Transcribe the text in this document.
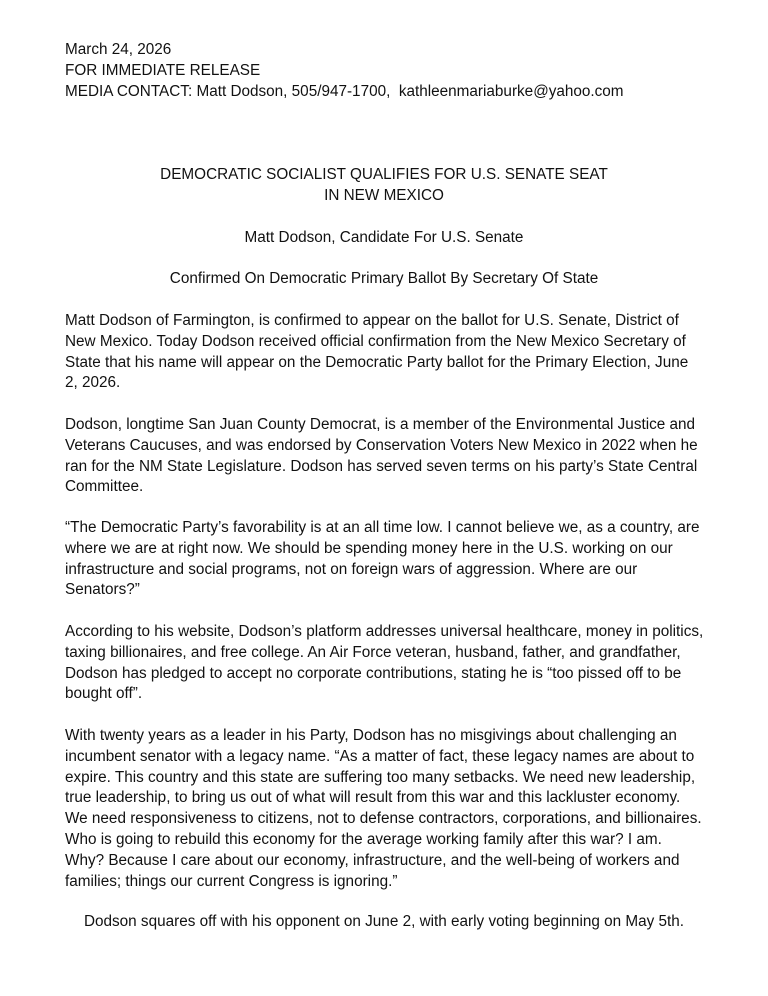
March 24, 2026
FOR IMMEDIATE RELEASE
MEDIA CONTACT: Matt Dodson, 505/947-1700,  kathleenmariaburke@yahoo.com
DEMOCRATIC SOCIALIST QUALIFIES FOR U.S. SENATE SEAT
IN NEW MEXICO
Matt Dodson, Candidate For U.S. Senate
Confirmed On Democratic Primary Ballot By Secretary Of State

Matt Dodson of Farmington, is confirmed to appear on the ballot for U.S. Senate, District of New Mexico. Today Dodson received official confirmation from the New Mexico Secretary of State that his name will appear on the Democratic Party ballot for the Primary Election, June 2, 2026.

Dodson, longtime San Juan County Democrat, is a member of the Environmental Justice and Veterans Caucuses, and was endorsed by Conservation Voters New Mexico in 2022 when he ran for the NM State Legislature. Dodson has served seven terms on his party’s State Central Committee.

“The Democratic Party’s favorability is at an all time low. I cannot believe we, as a country, are where we are at right now. We should be spending money here in the U.S. working on our infrastructure and social programs, not on foreign wars of aggression. Where are our Senators?”

According to his website, Dodson’s platform addresses universal healthcare, money in politics, taxing billionaires, and free college. An Air Force veteran, husband, father, and grandfather, Dodson has pledged to accept no corporate contributions, stating he is “too pissed off to be bought off”.

With twenty years as a leader in his Party, Dodson has no misgivings about challenging an incumbent senator with a legacy name. “As a matter of fact, these legacy names are about to expire. This country and this state are suffering too many setbacks. We need new leadership, true leadership, to bring us out of what will result from this war and this lackluster economy. We need responsiveness to citizens, not to defense contractors, corporations, and billionaires. Who is going to rebuild this economy for the average working family after this war? I am. Why? Because I care about our economy, infrastructure, and the well-being of workers and families; things our current Congress is ignoring.”

Dodson squares off with his opponent on June 2, with early voting beginning on May 5th.
